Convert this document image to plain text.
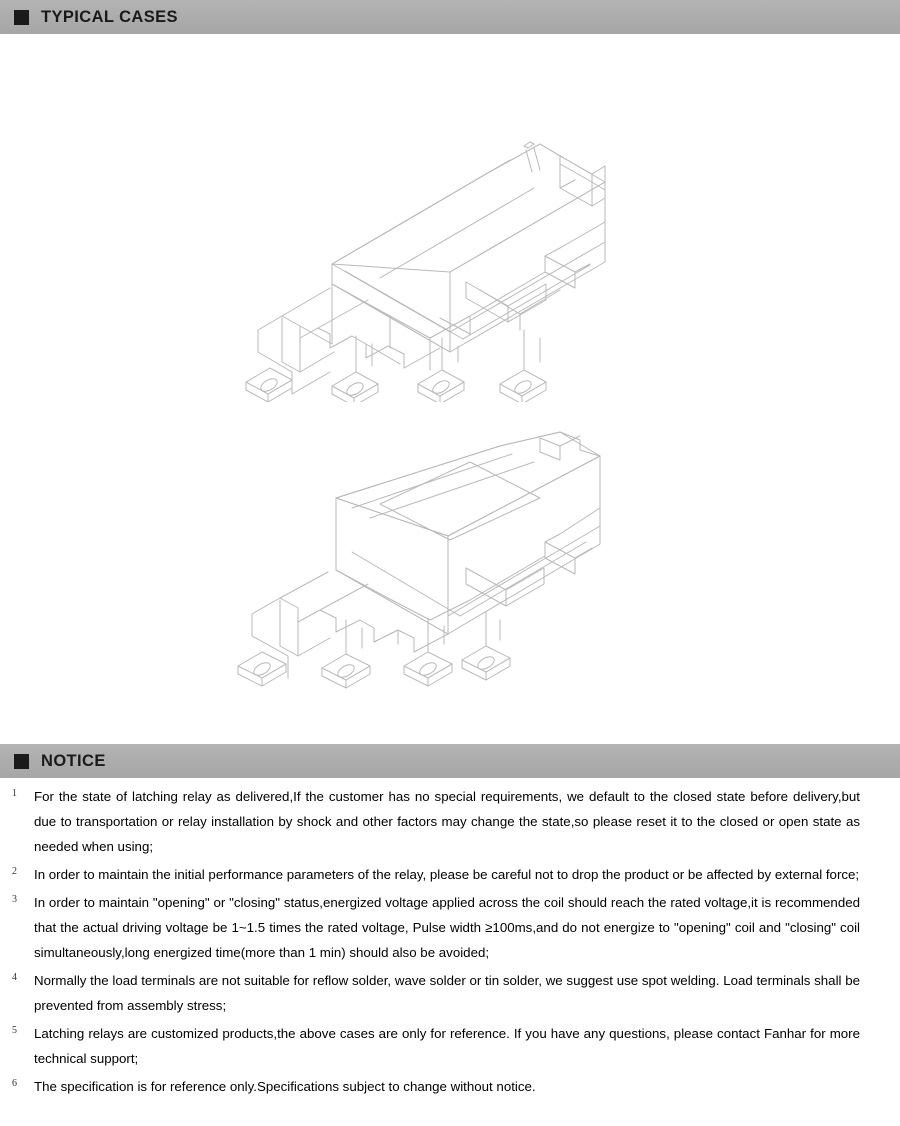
TYPICAL CASES
NOTICE
1	For the state of latching relay as delivered,If the customer has no special requirements, we default to the closed state before delivery,but due to transportation or relay installation by shock and other factors may change the state,so please reset it to the closed or open state as needed when using;
2	In order to maintain the initial performance parameters of the relay, please be careful not to drop the product or be affected by external force;
3	In order to maintain "opening" or "closing" status,energized voltage applied across the coil should reach the rated voltage,it is recommended that the actual driving voltage be 1~1.5 times the rated voltage, Pulse width ≥100ms,and do not energize to "opening" coil and "closing" coil simultaneously,long energized time(more than 1 min) should also be avoided;
4	Normally the load terminals are not suitable for reflow solder, wave solder or tin solder, we suggest use spot welding. Load terminals shall be prevented from assembly stress;
5	Latching relays are customized products,the above cases are only for reference. If you have any questions, please contact Fanhar for more technical support;
6	The specification is for reference only.Specifications subject to change without notice.
